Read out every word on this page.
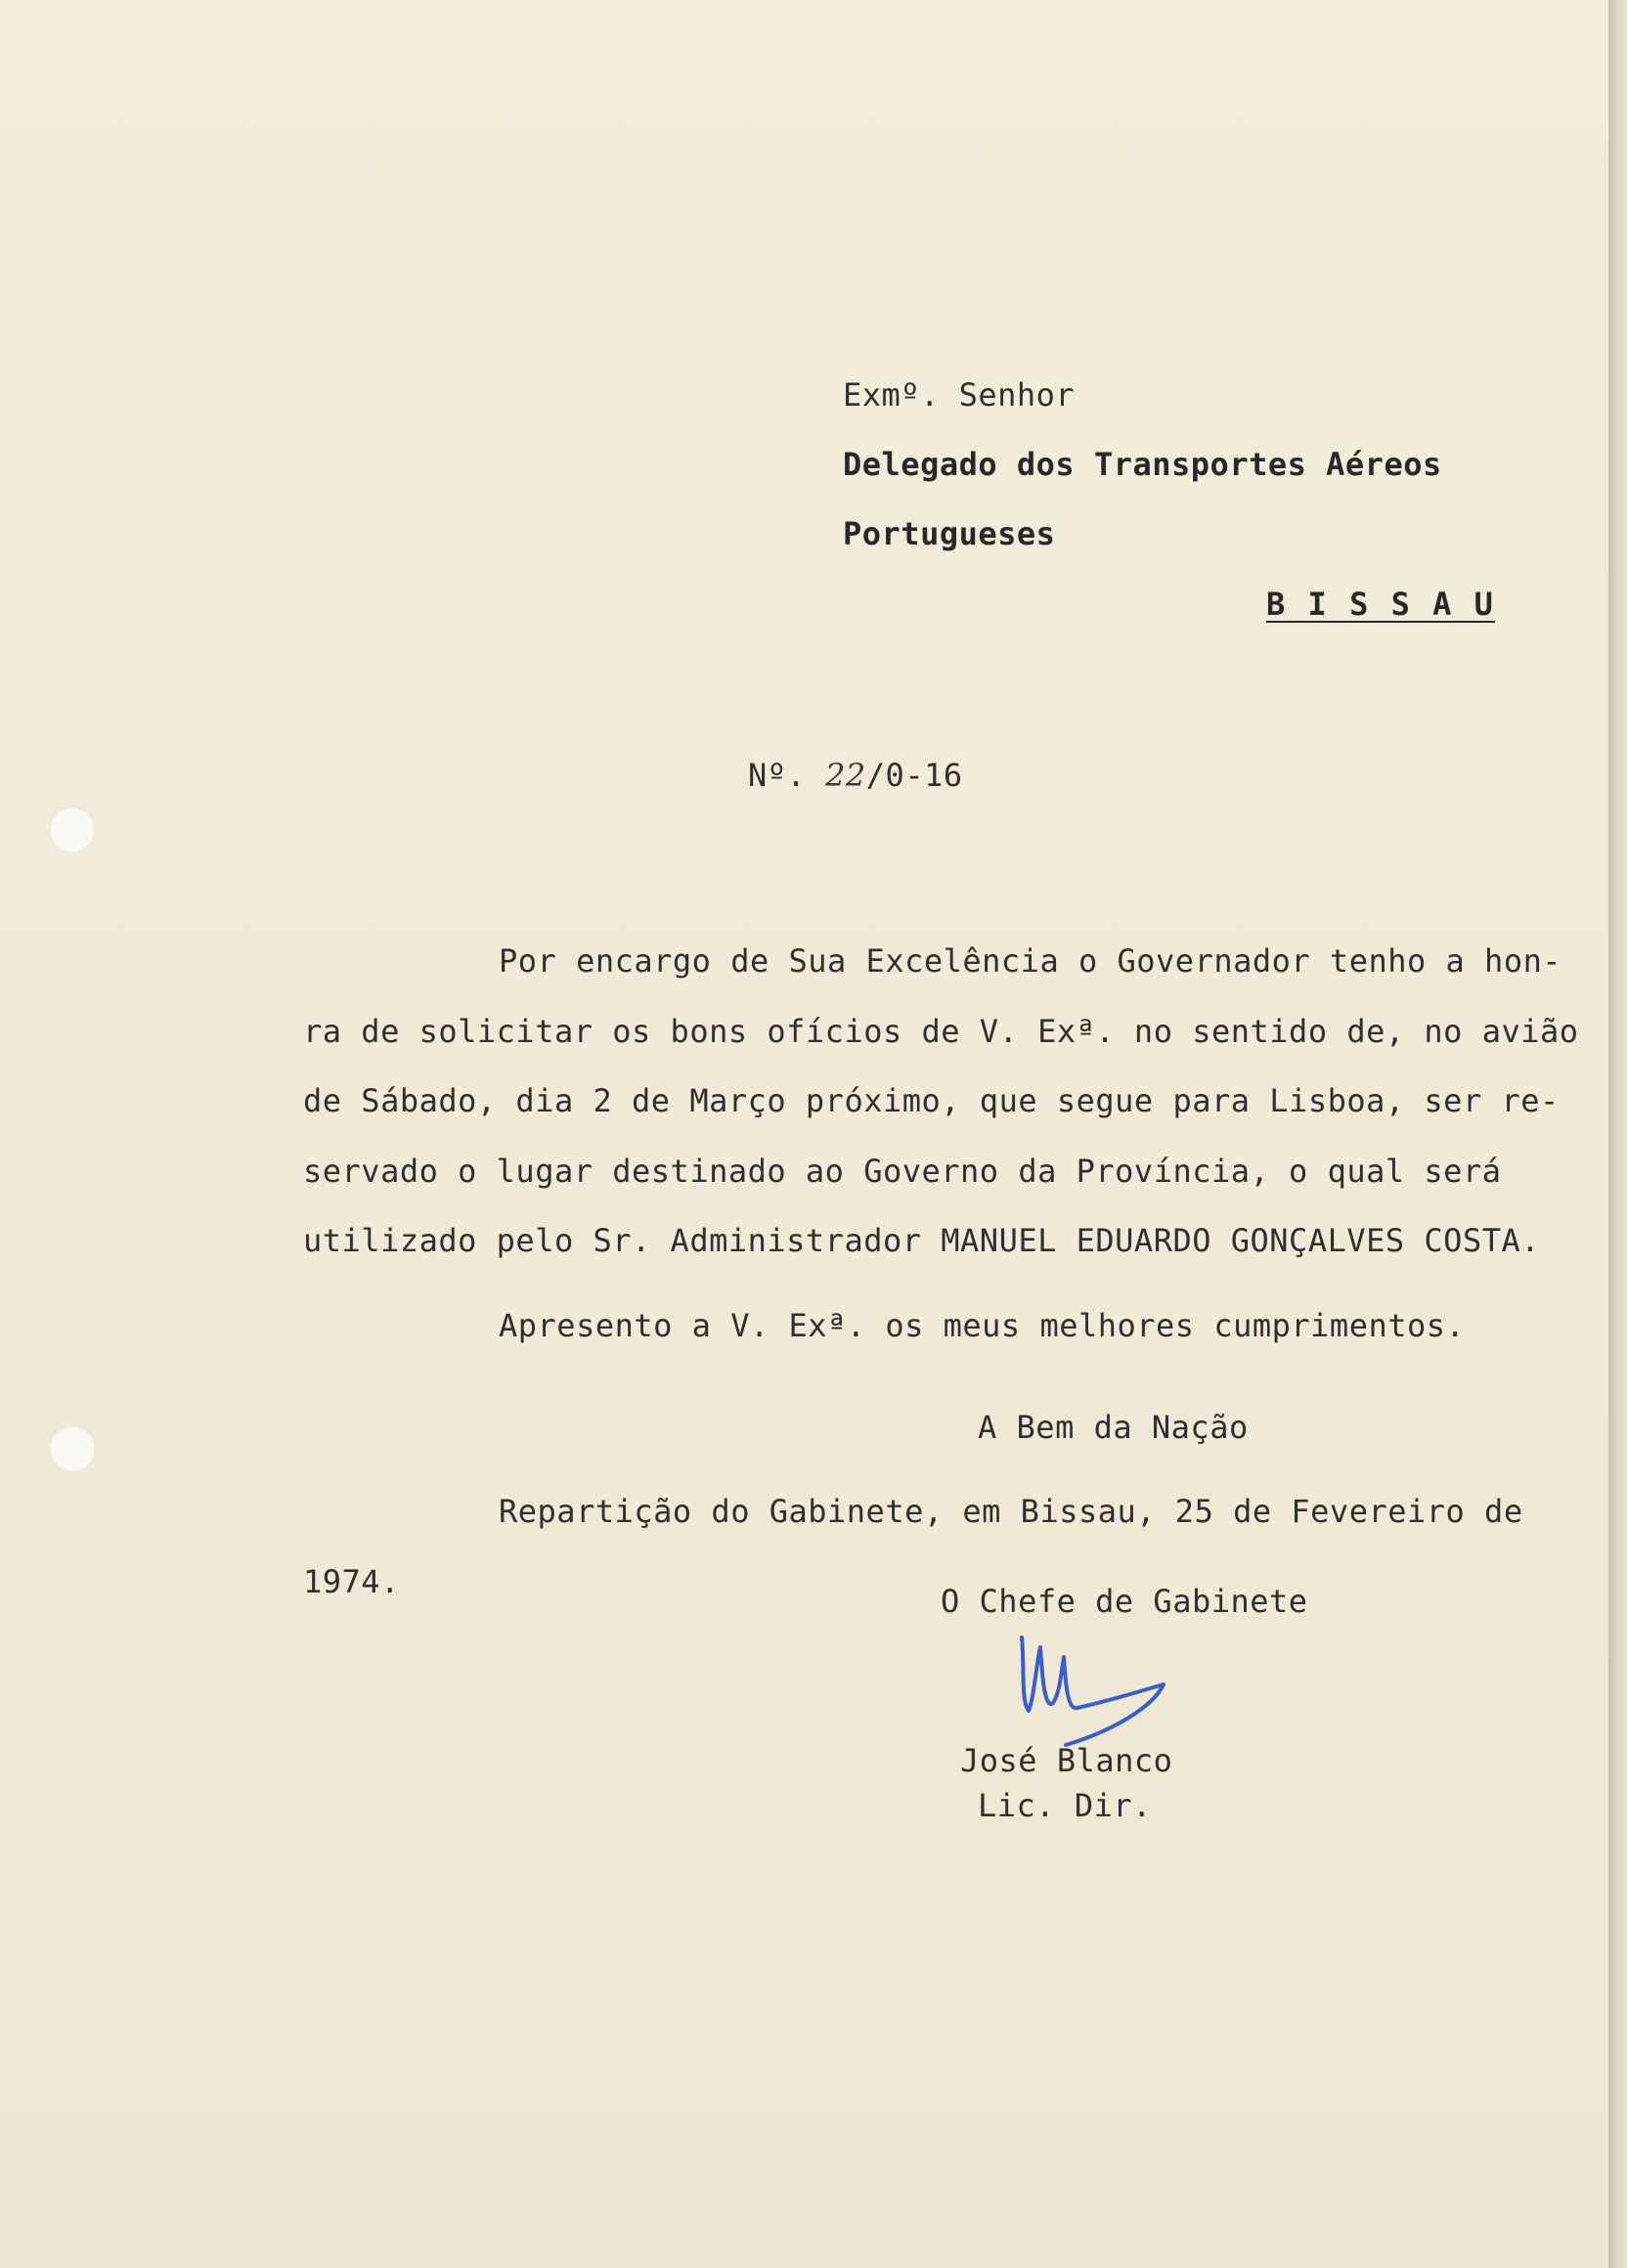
Exmº. Senhor
Delegado dos Transportes Aéreos
Portugueses
B I S S A U
Nº. 22/0-16
Por encargo de Sua Excelência o Governador tenho a hon-
ra de solicitar os bons ofícios de V. Exª. no sentido de, no avião
de Sábado, dia 2 de Março próximo, que segue para Lisboa, ser re-
servado o lugar destinado ao Governo da Província, o qual será
utilizado pelo Sr. Administrador MANUEL EDUARDO GONÇALVES COSTA.
Apresento a V. Exª. os meus melhores cumprimentos.
A Bem da Nação
Repartição do Gabinete, em Bissau, 25 de Fevereiro de
1974.
O Chefe de Gabinete
José Blanco
Lic. Dir.
